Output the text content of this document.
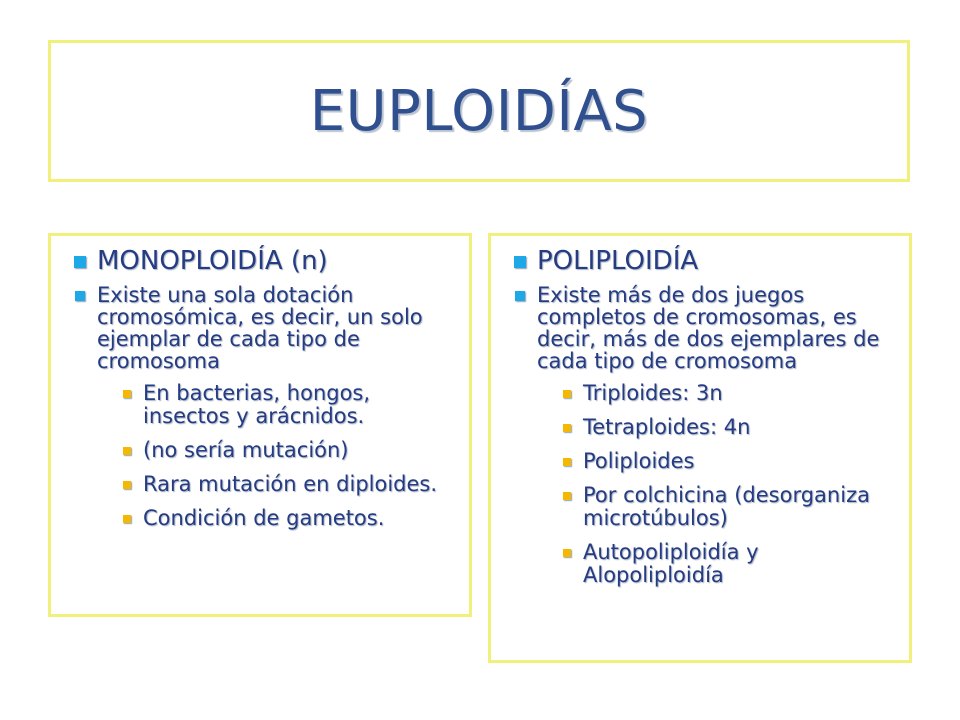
EUPLOIDÍAS
MONOPLOIDÍA (n)
Existe una sola dotación cromosómica, es decir, un solo ejemplar de cada tipo de cromosoma
En bacterias, hongos, insectos y arácnidos.
(no sería mutación)
Rara mutación en diploides.
Condición de gametos.
POLIPLOIDÍA
Existe más de dos juegos completos de cromosomas, es decir, más de dos ejemplares de cada tipo de cromosoma
Triploides: 3n
Tetraploides: 4n
Poliploides
Por colchicina (desorganiza microtúbulos)
Autopoliploidía y Alopoliploidía
